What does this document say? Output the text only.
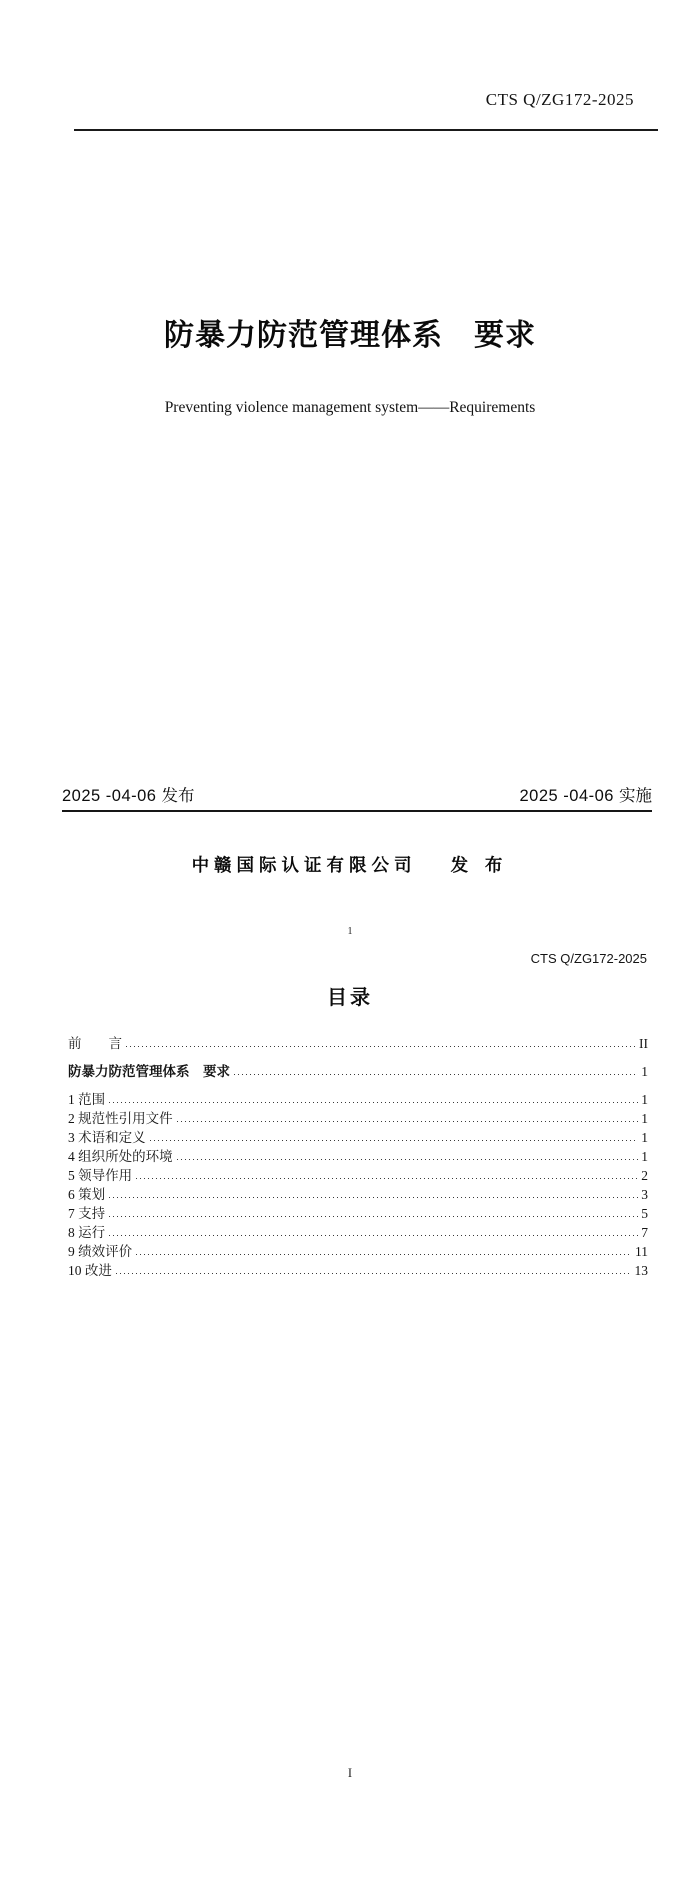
CTS Q/ZG172-2025
防暴力防范管理体系　要求
Preventing violence management system——Requirements
2025 -04-06 发布	2025 -04-06 实施
中赣国际认证有限公司 发 布
1
CTS Q/ZG172-2025
目录
前　　言	II
防暴力防范管理体系　要求	1
1 范围	1
2 规范性引用文件	1
3 术语和定义	1
4 组织所处的环境	1
5 领导作用	2
6 策划	3
7 支持	5
8 运行	7
9 绩效评价	11
10 改进	13
I
